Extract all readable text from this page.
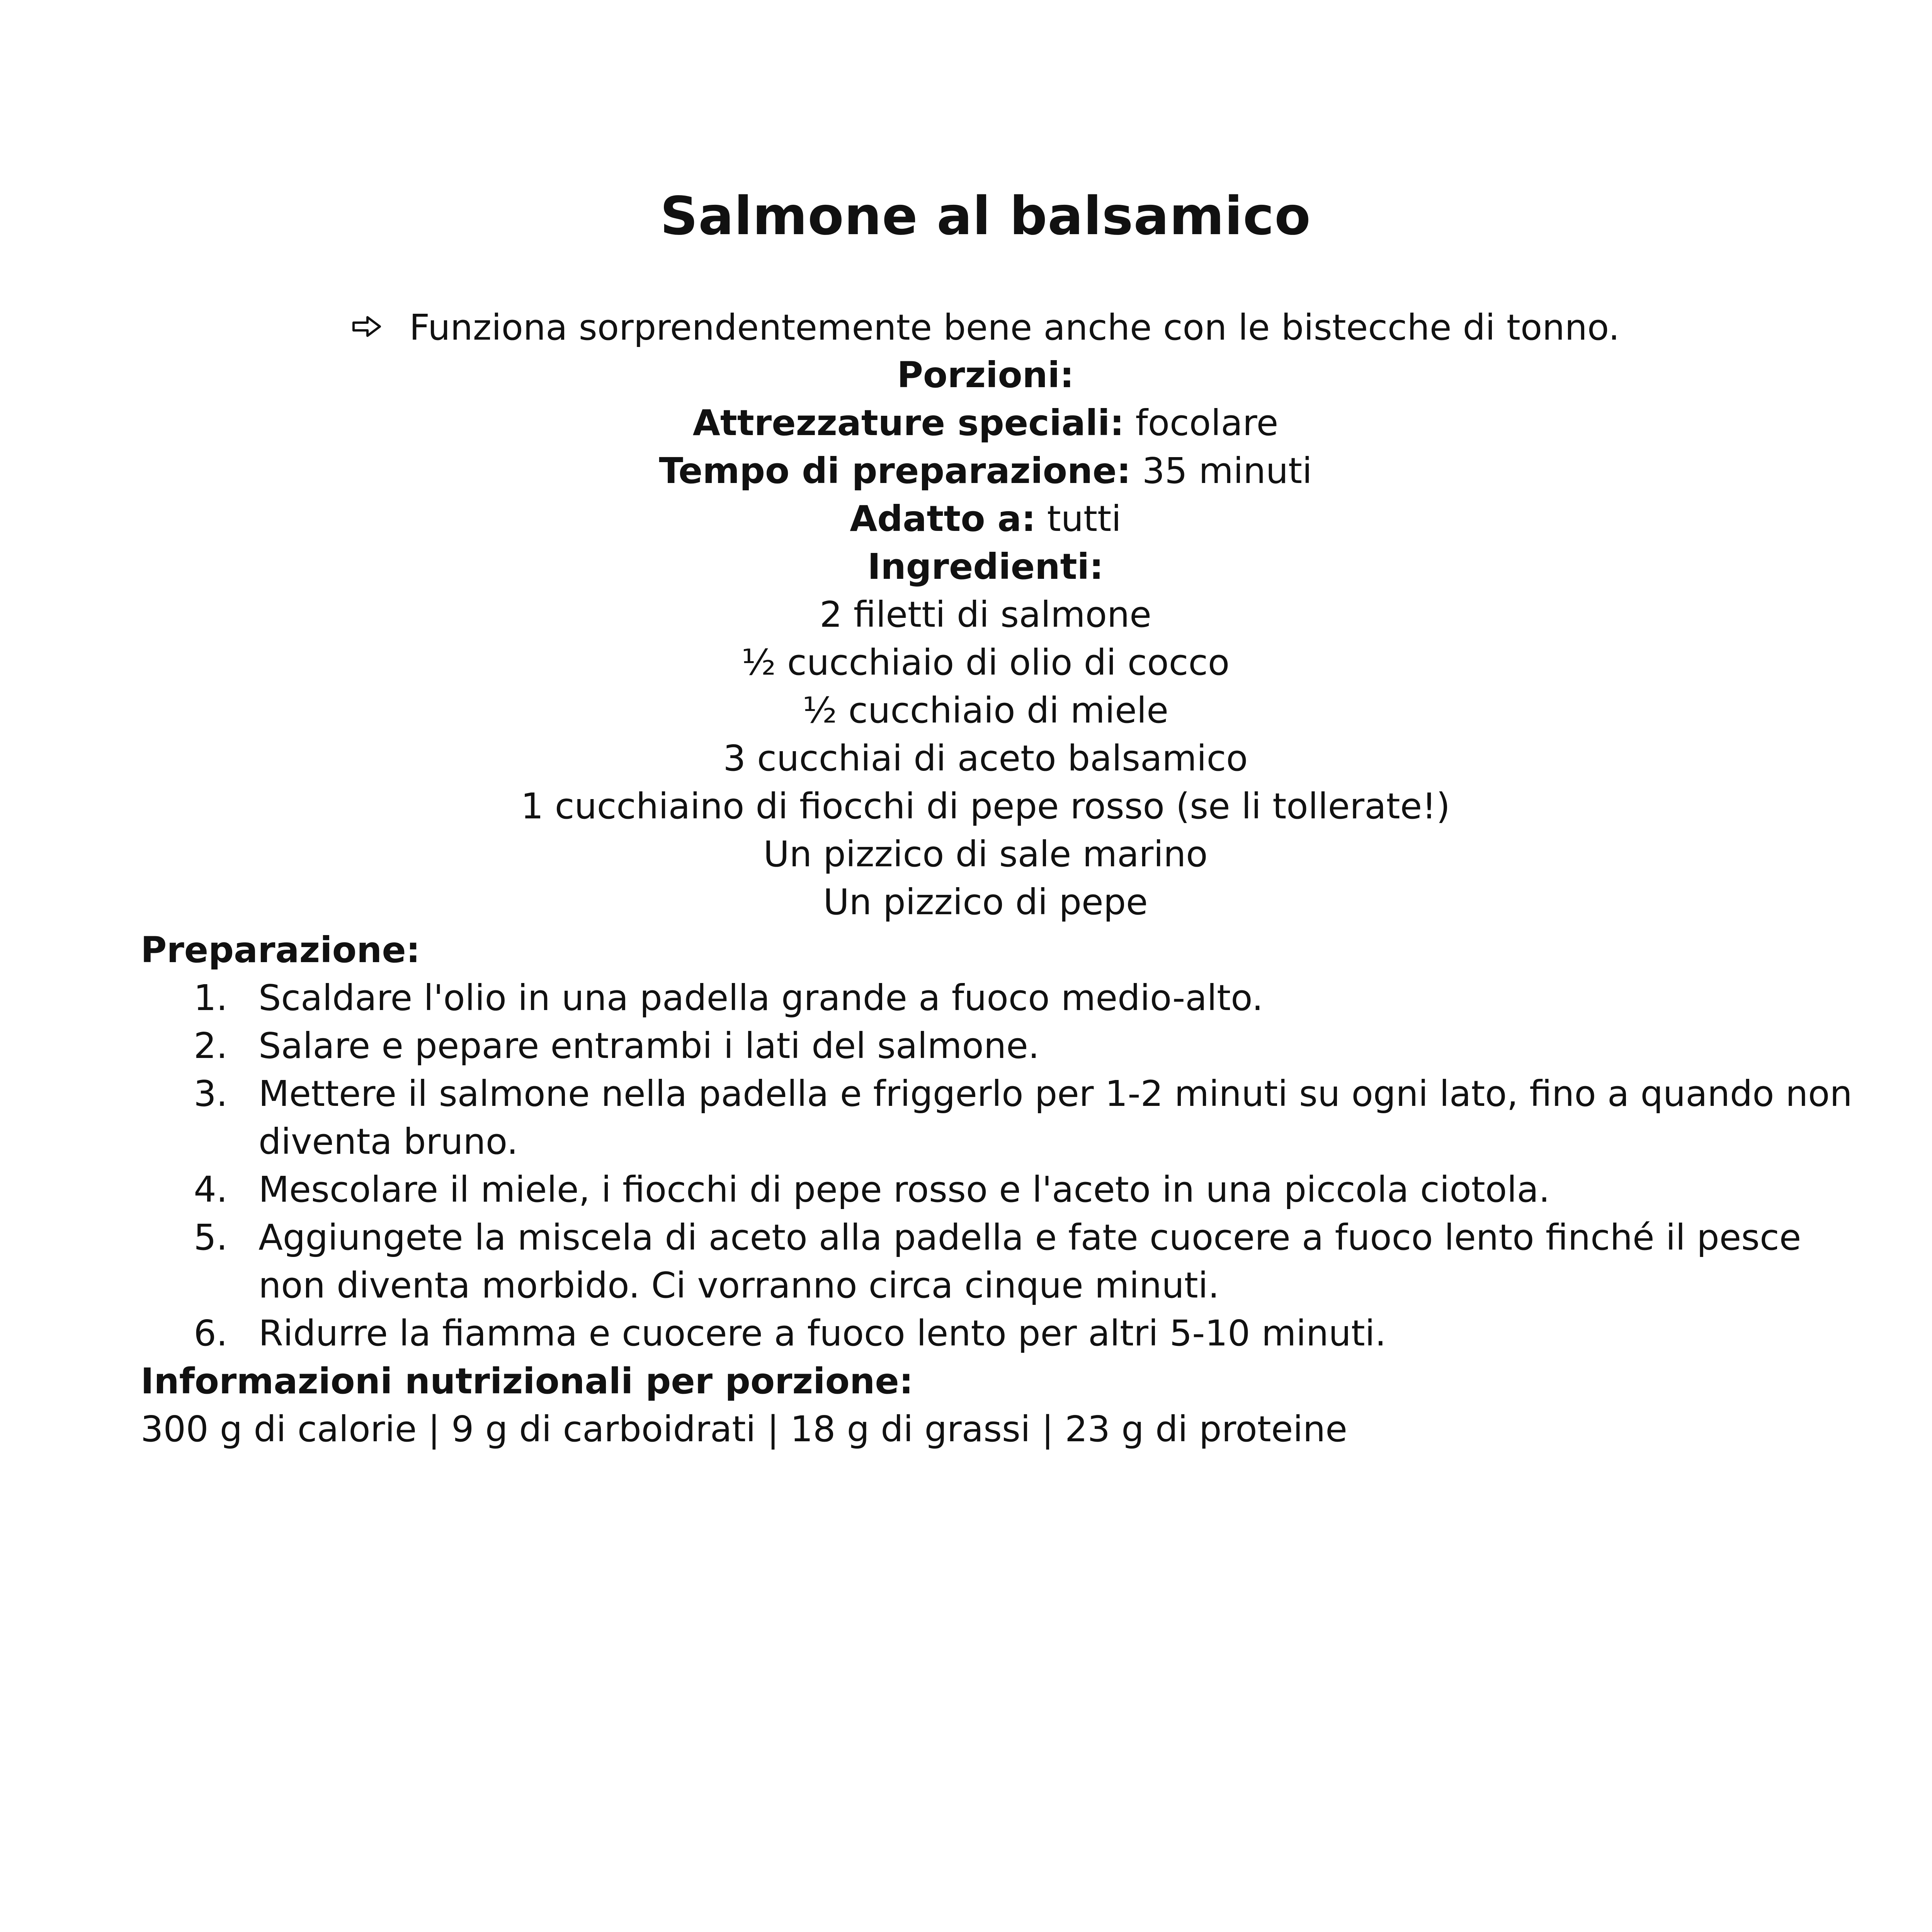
Salmone al balsamico
Funziona sorprendentemente bene anche con le bistecche di tonno.
Porzioni:
Attrezzature speciali: focolare
Tempo di preparazione: 35 minuti
Adatto a: tutti
Ingredienti:
2 filetti di salmone
½ cucchiaio di olio di cocco
½ cucchiaio di miele
3 cucchiai di aceto balsamico
1 cucchiaino di fiocchi di pepe rosso (se li tollerate!)
Un pizzico di sale marino
Un pizzico di pepe
Preparazione:
1. Scaldare l'olio in una padella grande a fuoco medio-alto.
2. Salare e pepare entrambi i lati del salmone.
3. Mettere il salmone nella padella e friggerlo per 1-2 minuti su ogni lato, fino a quando non diventa bruno.
4. Mescolare il miele, i fiocchi di pepe rosso e l'aceto in una piccola ciotola.
5. Aggiungete la miscela di aceto alla padella e fate cuocere a fuoco lento finché il pesce non diventa morbido. Ci vorranno circa cinque minuti.
6. Ridurre la fiamma e cuocere a fuoco lento per altri 5-10 minuti.
Informazioni nutrizionali per porzione:
300 g di calorie | 9 g di carboidrati | 18 g di grassi | 23 g di proteine
